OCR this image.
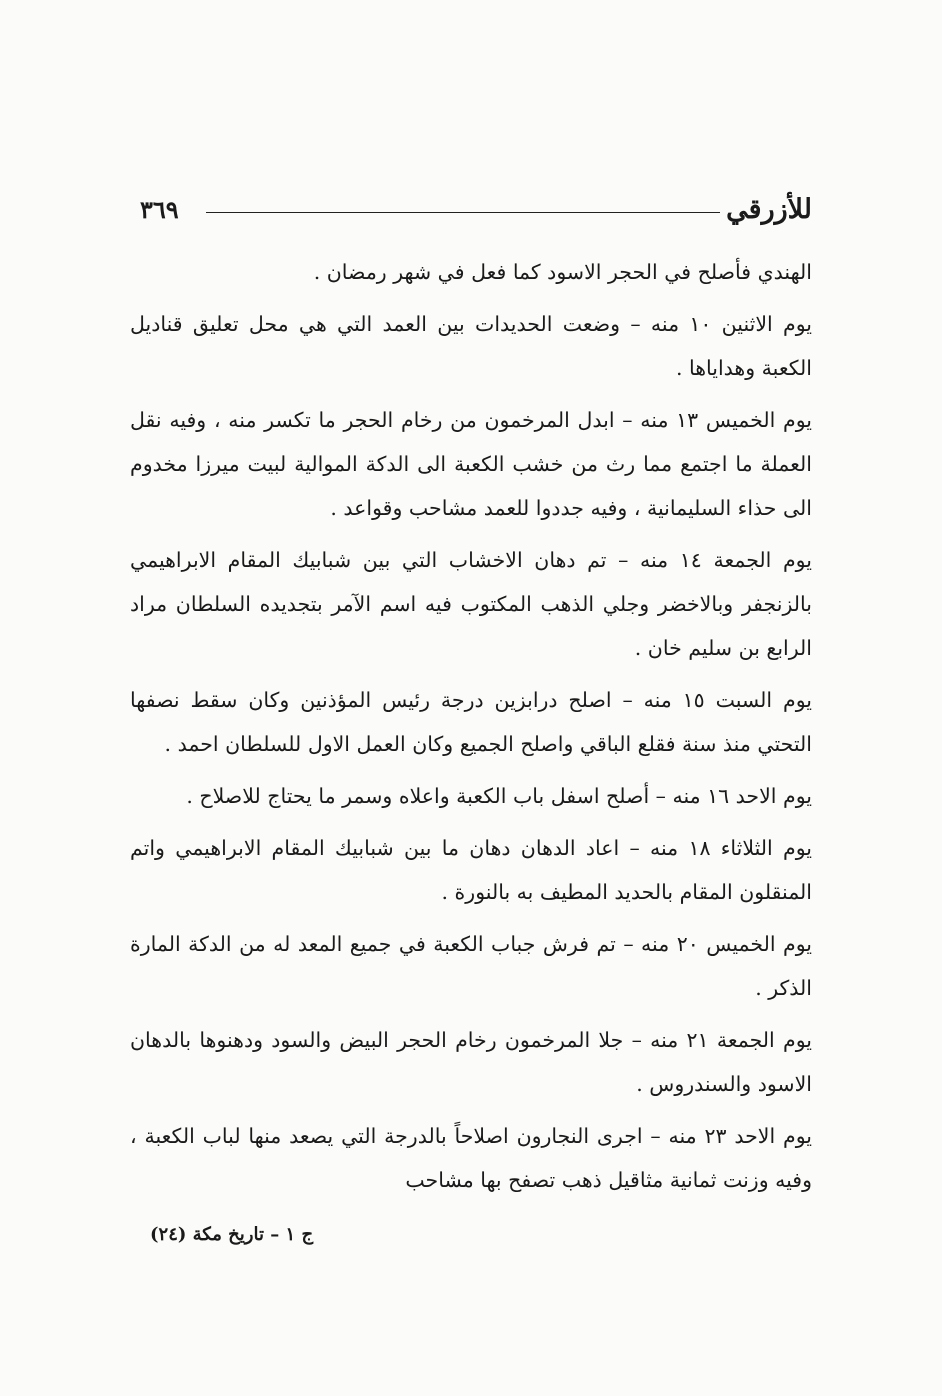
للأزرقي
٣٦٩

الهندي فأصلح في الحجر الاسود كما فعل في شهر رمضان .

يوم الاثنين ١٠ منه – وضعت الحديدات بين العمد التي هي محل تعليق قناديل الكعبة وهداياها .

يوم الخميس ١٣ منه – ابدل المرخمون من رخام الحجر ما تكسر منه ، وفيه نقل العملة ما اجتمع مما رث من خشب الكعبة الى الدكة الموالية لبيت ميرزا مخدوم الى حذاء السليمانية ، وفيه جددوا للعمد مشاحب وقواعد .

يوم الجمعة ١٤ منه – تم دهان الاخشاب التي بين شبابيك المقام الابراهيمي بالزنجفر وبالاخضر وجلي الذهب المكتوب فيه اسم الآمر بتجديده السلطان مراد الرابع بن سليم خان .

يوم السبت ١٥ منه – اصلح درابزين درجة رئيس المؤذنين وكان سقط نصفها التحتي منذ سنة فقلع الباقي واصلح الجميع وكان العمل الاول للسلطان احمد .

يوم الاحد ١٦ منه – أصلح اسفل باب الكعبة واعلاه وسمر ما يحتاج للاصلاح .

يوم الثلاثاء ١٨ منه – اعاد الدهان دهان ما بين شبابيك المقام الابراهيمي واتم المنقلون المقام بالحديد المطيف به بالنورة .

يوم الخميس ٢٠ منه – تم فرش جباب الكعبة في جميع المعد له من الدكة المارة الذكر .

يوم الجمعة ٢١ منه – جلا المرخمون رخام الحجر البيض والسود ودهنوها بالدهان الاسود والسندروس .

يوم الاحد ٢٣ منه – اجرى النجارون اصلاحاً بالدرجة التي يصعد منها لباب الكعبة ، وفيه وزنت ثمانية مثاقيل ذهب تصفح بها مشاحب

ج ١ – تاريخ مكة (٢٤)
